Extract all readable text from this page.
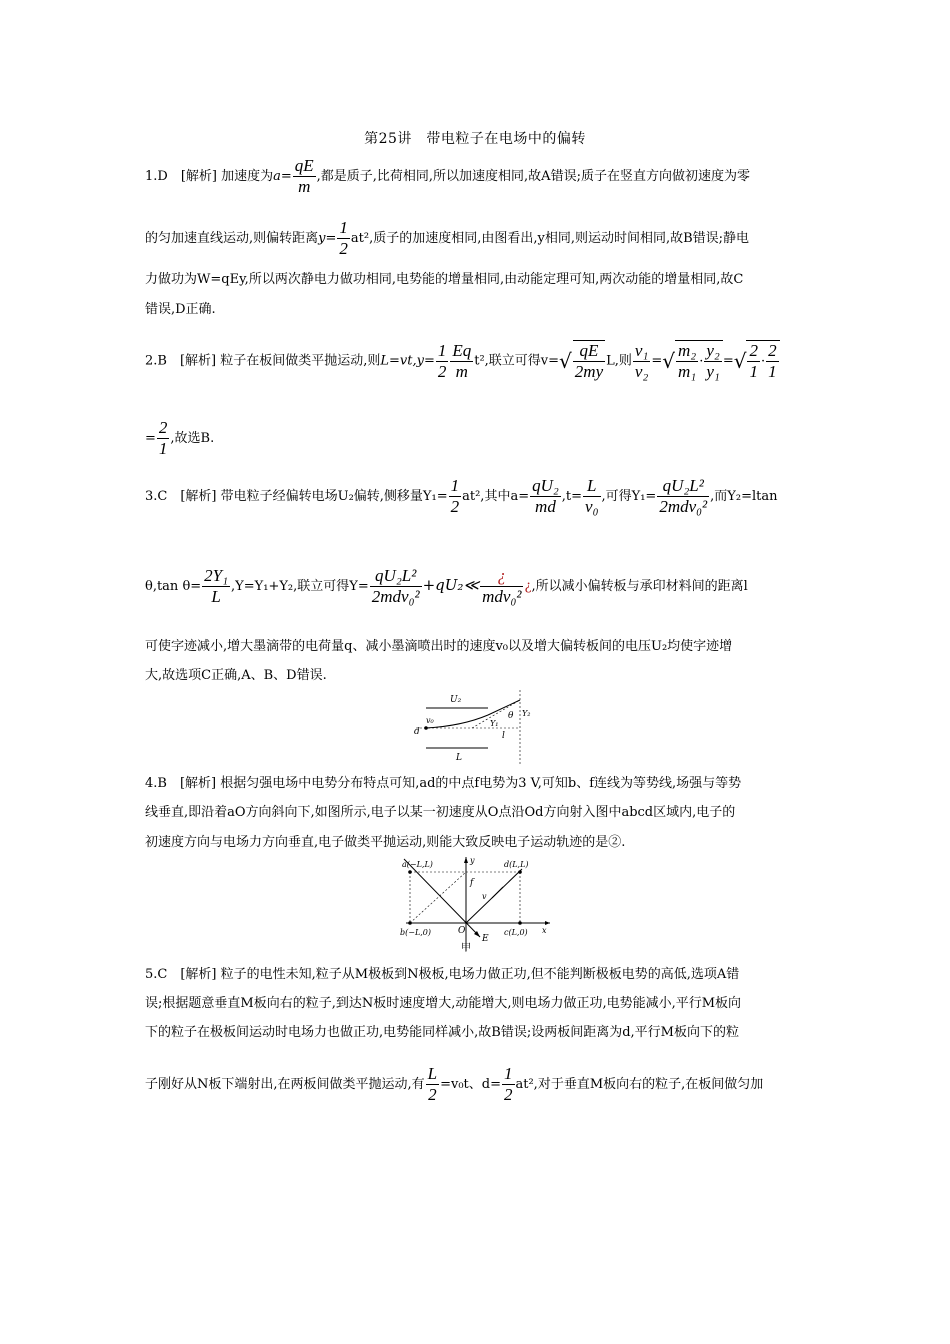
第25讲　带电粒子在电场中的偏转
1.D　[解析] 加速度为$a= \frac{qE}{m}$ ,都是质子,比荷相同,所以加速度相同,故A错误;质子在竖直方向做初速度为零
的匀加速直线运动,则偏转距离$y= \frac{1}{2} at^2$,质子的加速度相同,由图看出,y相同,则运动时间相同,故B错误;静电
力做功为W=qEy,所以两次静电力做功相同,电势能的增量相同,由动能定理可知,两次动能的增量相同,故C
错误,D正确.
2.B　[解析] 粒子在板间做类平抛运动,则$L=vt,y= \frac{1}{2} \frac{Eq}{m} t^2$,联立可得$v=√ \frac{qE}{2my} L$,则 $\frac{\text{v₁}}{\text{v₂}}$ =√ $\frac{\text{m₂}}{\text{m₁}} \cdot \frac{\text{y₂}}{\text{y₁}}$ =√ $\frac{2}{1} \cdot \frac{2}{1}$
= $\frac{2}{1}$ ,故选B.
3.C　[解析] 带电粒子经偏转电场U₂偏转,侧移量$Y_1= \frac{1}{2} at^2$,其中$a= \frac{\text{qU₂}}{md} ,t= \frac{L}{\text{v₀}}$ ,可得Y₁=
qU₂L²
2mdv₀²
,而Y₂=ltan
θ,tan $\theta= \frac{\text{2Y₁}}{L} ,Y=Y_1+Y_2$,联立可得Y=
qU₂L²
2mdv₀²
+qU₂≪	¿
mdv₀²
¿,所以减小偏转板与承印材料间的距离l
可使字迹减小,增大墨滴带的电荷量q、减小墨滴喷出时的速度v₀以及增大偏转板间的电压U₂均使字迹增
大,故选项C正确,A、B、D错误.
U₂
v₀
d
L
Y₁
θ Y₂
l
4.B　[解析] 根据匀强电场中电势分布特点可知,ad的中点f电势为3 V,可知b、f连线为等势线,场强与等势
线垂直,即沿着aO方向斜向下,如图所示,电子以某一初速度从O点沿Od方向射入图中abcd区域内,电子的
初速度方向与电场力方向垂直,电子做类平抛运动,则能大致反映电子运动轨迹的是②.
a(−L,L)	d(L,L)
y
f
v
b(−L,0)	O
E
c(L,0) x
甲
5.C　[解析] 粒子的电性未知,粒子从M极板到N极板,电场力做正功,但不能判断极板电势的高低,选项A错
误;根据题意垂直M板向右的粒子,到达N板时速度增大,动能增大,则电场力做正功,电势能减小,平行M板向
下的粒子在极板间运动时电场力也做正功,电势能同样减小,故B错误;设两板间距离为d,平行M板向下的粒
子刚好从N板下端射出,在两板间做类平抛运动,有 $\frac{L}{2} =v_0t$、$d= \frac{1}{2} at^2$,对于垂直M板向右的粒子,在板间做匀加
